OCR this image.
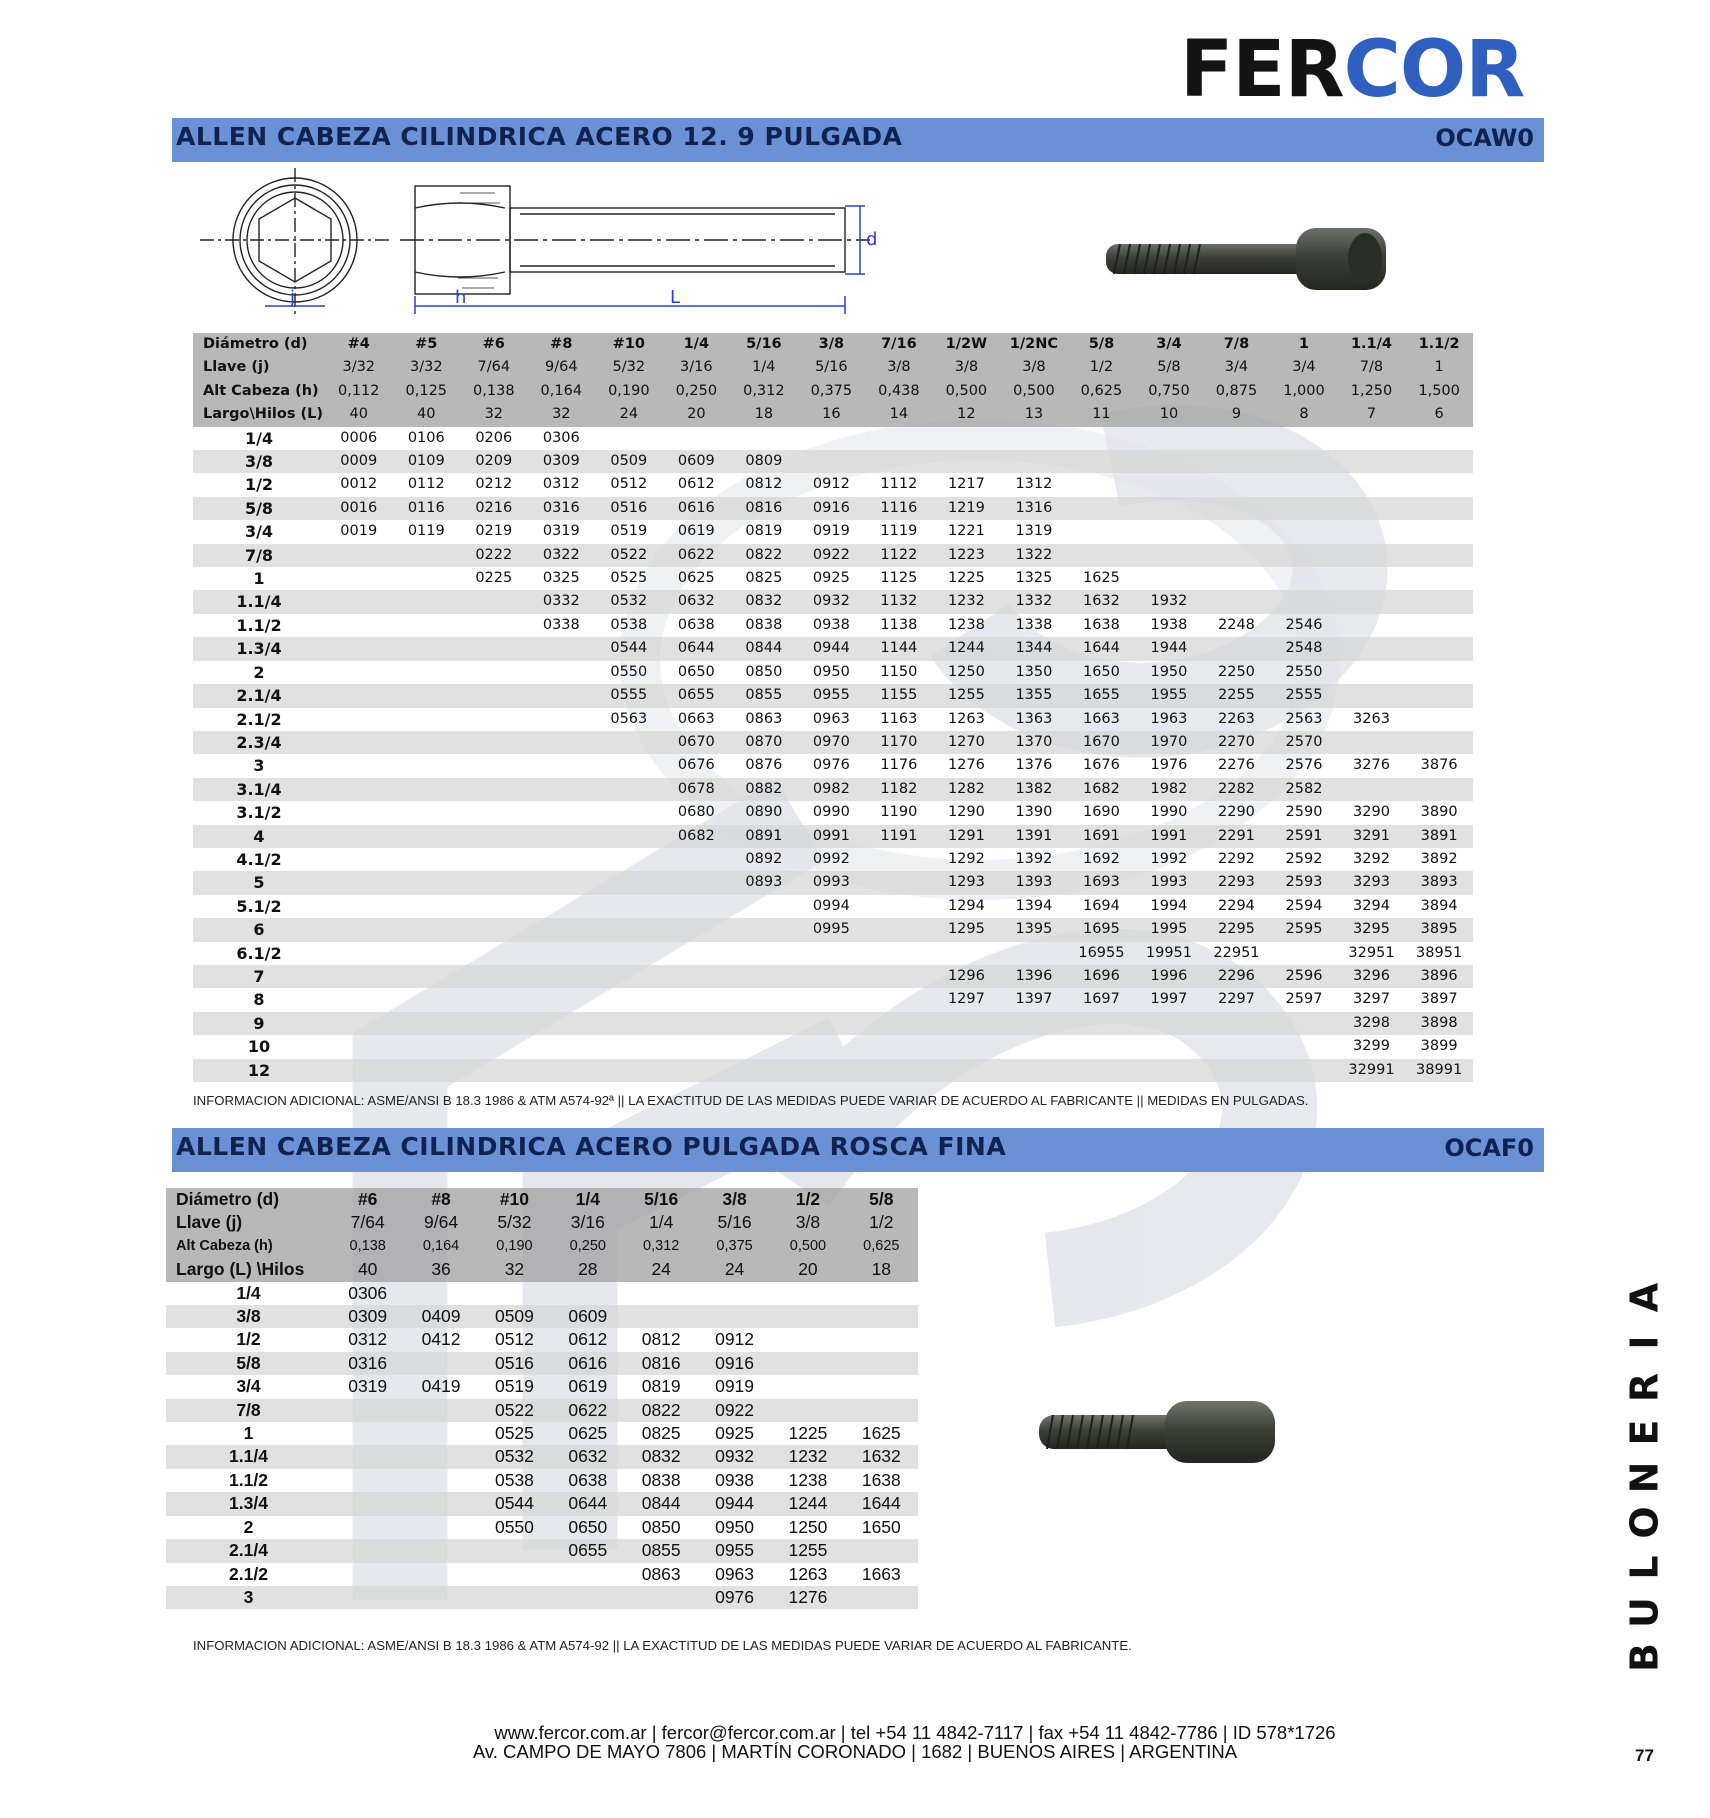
FERCOR
ALLEN CABEZA CILINDRICA ACERO 12. 9 PULGADA	OCAW0
j	h	L
d
Diámetro (d)	#4	#5	#6	#8	#10	1/4	5/16	3/8	7/16	1/2W	1/2NC	5/8	3/4	7/8	1	1.1/4	1.1/2
Llave (j)	3/32	3/32	7/64	9/64	5/32	3/16	1/4	5/16	3/8	3/8	3/8	1/2	5/8	3/4	3/4	7/8	1
Alt Cabeza (h)	0,112	0,125	0,138	0,164	0,190	0,250	0,312	0,375	0,438	0,500	0,500	0,625	0,750	0,875	1,000	1,250	1,500
Largo\Hilos (L)	40	40	32	32	24	20	18	16	14	12	13	11	10	9	8	7	6
1/4	0006	0106	0206	0306													
3/8	0009	0109	0209	0309	0509	0609	0809										
1/2	0012	0112	0212	0312	0512	0612	0812	0912	1112	1217	1312						
5/8	0016	0116	0216	0316	0516	0616	0816	0916	1116	1219	1316						
3/4	0019	0119	0219	0319	0519	0619	0819	0919	1119	1221	1319						
7/8			0222	0322	0522	0622	0822	0922	1122	1223	1322						
1			0225	0325	0525	0625	0825	0925	1125	1225	1325	1625					
1.1/4				0332	0532	0632	0832	0932	1132	1232	1332	1632	1932				
1.1/2				0338	0538	0638	0838	0938	1138	1238	1338	1638	1938	2248	2546		
1.3/4					0544	0644	0844	0944	1144	1244	1344	1644	1944		2548		
2					0550	0650	0850	0950	1150	1250	1350	1650	1950	2250	2550		
2.1/4					0555	0655	0855	0955	1155	1255	1355	1655	1955	2255	2555		
2.1/2					0563	0663	0863	0963	1163	1263	1363	1663	1963	2263	2563	3263	
2.3/4						0670	0870	0970	1170	1270	1370	1670	1970	2270	2570		
3						0676	0876	0976	1176	1276	1376	1676	1976	2276	2576	3276	3876
3.1/4						0678	0882	0982	1182	1282	1382	1682	1982	2282	2582		
3.1/2						0680	0890	0990	1190	1290	1390	1690	1990	2290	2590	3290	3890
4						0682	0891	0991	1191	1291	1391	1691	1991	2291	2591	3291	3891
4.1/2							0892	0992		1292	1392	1692	1992	2292	2592	3292	3892
5							0893	0993		1293	1393	1693	1993	2293	2593	3293	3893
5.1/2								0994		1294	1394	1694	1994	2294	2594	3294	3894
6								0995		1295	1395	1695	1995	2295	2595	3295	3895
6.1/2												16955	19951	22951		32951	38951
7										1296	1396	1696	1996	2296	2596	3296	3896
8										1297	1397	1697	1997	2297	2597	3297	3897
9																3298	3898
10																3299	3899
12																32991	38991
INFORMACION ADICIONAL: ASME/ANSI B 18.3 1986 & ATM A574-92ª || LA EXACTITUD DE LAS MEDIDAS PUEDE VARIAR DE ACUERDO AL FABRICANTE || MEDIDAS EN PULGADAS.
ALLEN CABEZA CILINDRICA ACERO PULGADA ROSCA FINA	OCAF0
Diámetro (d)	#6	#8	#10	1/4	5/16	3/8	1/2	5/8
Llave (j)	7/64	9/64	5/32	3/16	1/4	5/16	3/8	1/2
Alt Cabeza (h)	0,138	0,164	0,190	0,250	0,312	0,375	0,500	0,625
Largo (L) \Hilos	40	36	32	28	24	24	20	18
1/4	0306							
3/8	0309	0409	0509	0609				
1/2	0312	0412	0512	0612	0812	0912		
5/8	0316		0516	0616	0816	0916		
3/4	0319	0419	0519	0619	0819	0919		
7/8			0522	0622	0822	0922		
1			0525	0625	0825	0925	1225	1625
1.1/4			0532	0632	0832	0932	1232	1632
1.1/2			0538	0638	0838	0938	1238	1638
1.3/4			0544	0644	0844	0944	1244	1644
2			0550	0650	0850	0950	1250	1650
2.1/4				0655	0855	0955	1255	
2.1/2					0863	0963	1263	1663
3						0976	1276	
INFORMACION ADICIONAL: ASME/ANSI B 18.3 1986 & ATM A574-92 || LA EXACTITUD DE LAS MEDIDAS PUEDE VARIAR DE ACUERDO AL FABRICANTE.
A
I
R
E
N
O
L
U
B
www.fercor.com.ar | fercor@fercor.com.ar | tel +54 11 4842-7117 | fax +54 11 4842-7786 | ID 578*1726
Av. CAMPO DE MAYO 7806 | MARTÍN CORONADO | 1682 | BUENOS AIRES | ARGENTINA	77
